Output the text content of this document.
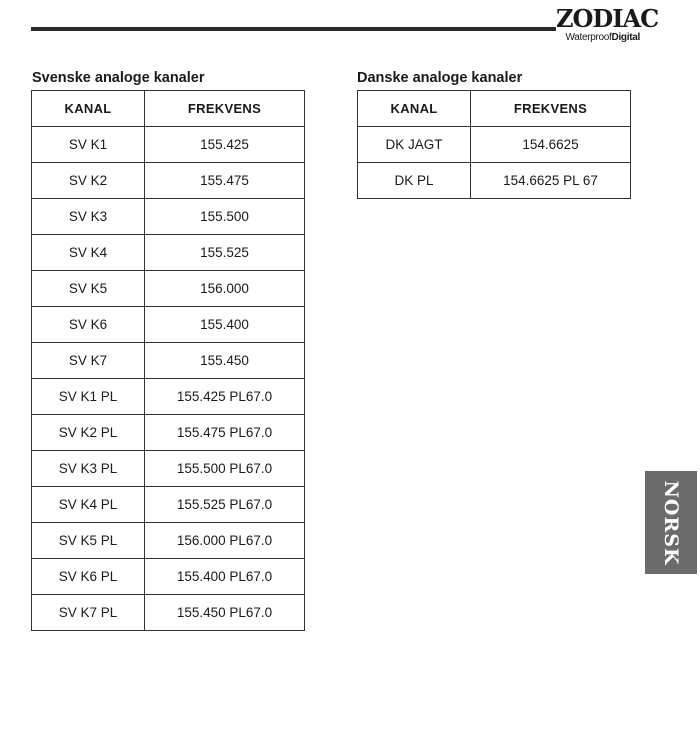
ZODIAC
WaterproofDigital
Svenske analoge kanaler	Danske analoge kanaler
KANAL	FREKVENS
SV K1	155.425
SV K2	155.475
SV K3	155.500
SV K4	155.525
SV K5	156.000
SV K6	155.400
SV K7	155.450
SV K1 PL	155.425 PL67.0
SV K2 PL	155.475 PL67.0
SV K3 PL	155.500 PL67.0
SV K4 PL	155.525 PL67.0
SV K5 PL	156.000 PL67.0
SV K6 PL	155.400 PL67.0
SV K7 PL	155.450 PL67.0
KANAL	FREKVENS
DK JAGT	154.6625
DK PL	154.6625 PL 67
NORSK
